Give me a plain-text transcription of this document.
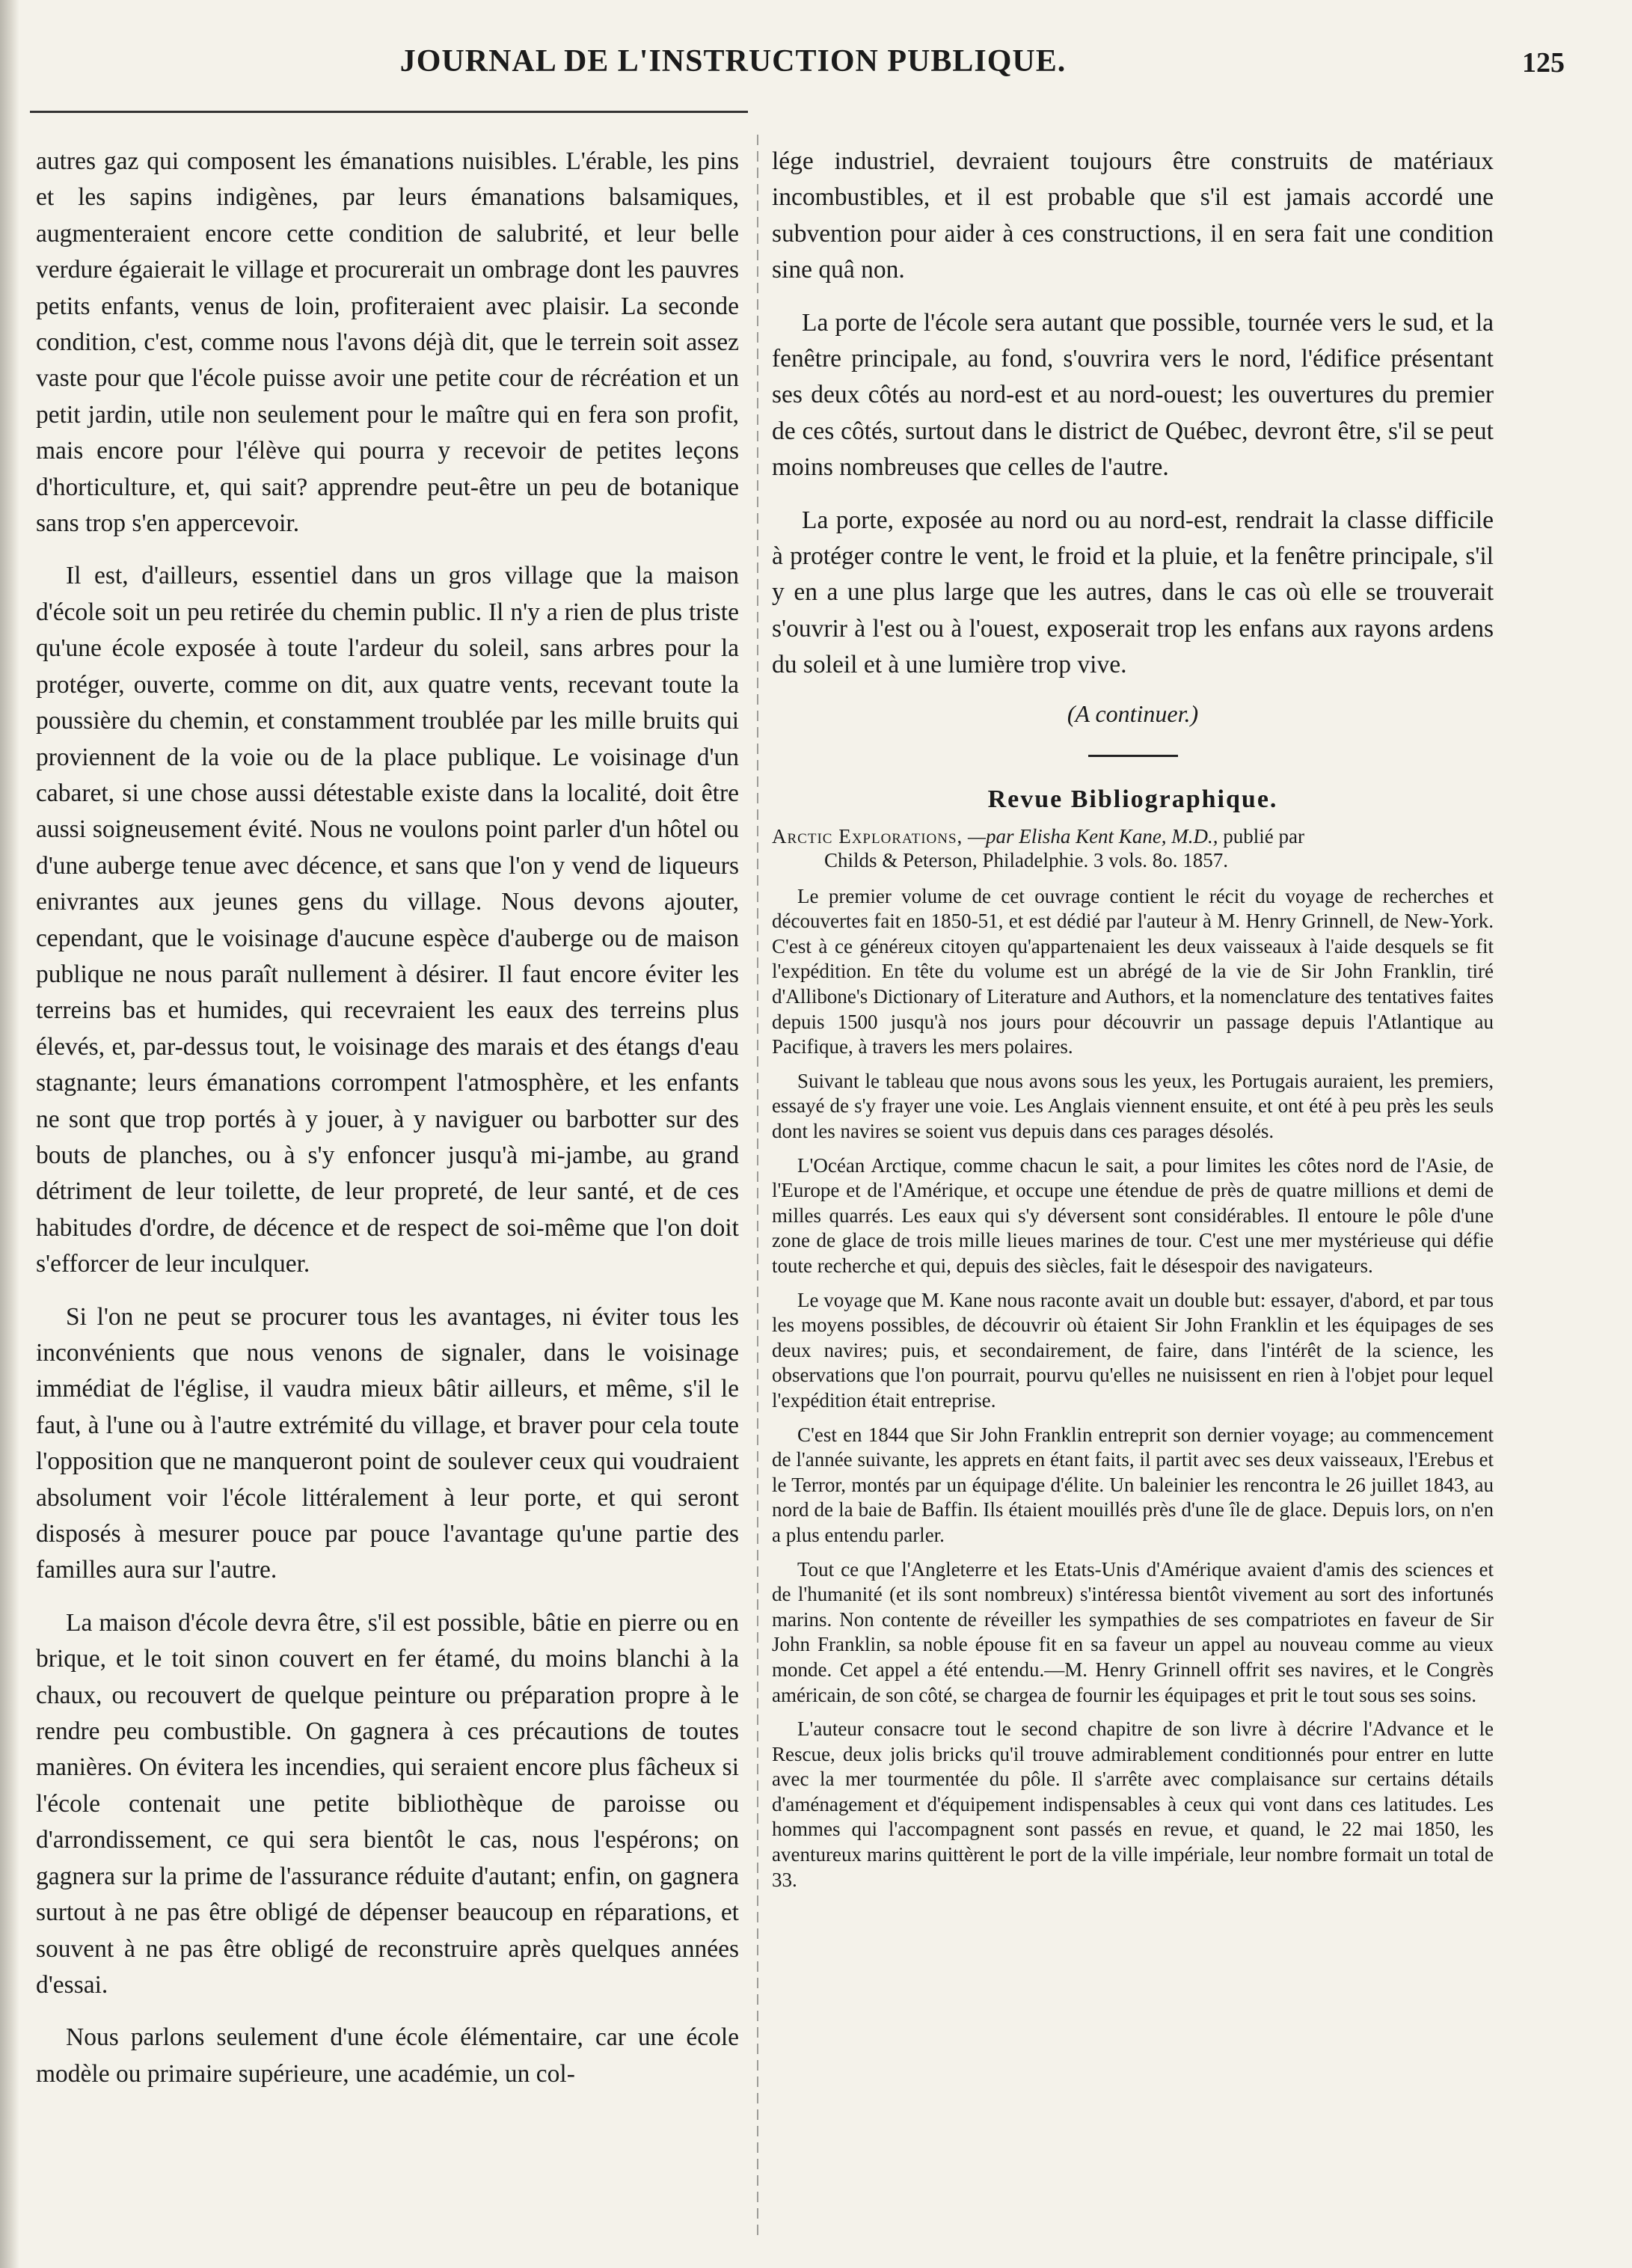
JOURNAL DE L'INSTRUCTION PUBLIQUE.	125

autres gaz qui composent les émanations nuisibles. L'érable, les pins et les sapins indigènes, par leurs émanations balsamiques, augmenteraient encore cette condition de salubrité, et leur belle verdure égaierait le village et procurerait un ombrage dont les pauvres petits enfants, venus de loin, profiteraient avec plaisir. La seconde condition, c'est, comme nous l'avons déjà dit, que le terrein soit assez vaste pour que l'école puisse avoir une petite cour de récréation et un petit jardin, utile non seulement pour le maître qui en fera son profit, mais encore pour l'élève qui pourra y recevoir de petites leçons d'horticulture, et, qui sait? apprendre peut-être un peu de botanique sans trop s'en appercevoir.

Il est, d'ailleurs, essentiel dans un gros village que la maison d'école soit un peu retirée du chemin public. Il n'y a rien de plus triste qu'une école exposée à toute l'ardeur du soleil, sans arbres pour la protéger, ouverte, comme on dit, aux quatre vents, recevant toute la poussière du chemin, et constamment troublée par les mille bruits qui proviennent de la voie ou de la place publique. Le voisinage d'un cabaret, si une chose aussi détestable existe dans la localité, doit être aussi soigneusement évité. Nous ne voulons point parler d'un hôtel ou d'une auberge tenue avec décence, et sans que l'on y vend de liqueurs enivrantes aux jeunes gens du village. Nous devons ajouter, cependant, que le voisinage d'aucune espèce d'auberge ou de maison publique ne nous paraît nullement à désirer. Il faut encore éviter les terreins bas et humides, qui recevraient les eaux des terreins plus élevés, et, par-dessus tout, le voisinage des marais et des étangs d'eau stagnante; leurs émanations corrompent l'atmosphère, et les enfants ne sont que trop portés à y jouer, à y naviguer ou barbotter sur des bouts de planches, ou à s'y enfoncer jusqu'à mi-jambe, au grand détriment de leur toilette, de leur propreté, de leur santé, et de ces habitudes d'ordre, de décence et de respect de soi-même que l'on doit s'efforcer de leur inculquer.

Si l'on ne peut se procurer tous les avantages, ni éviter tous les inconvénients que nous venons de signaler, dans le voisinage immédiat de l'église, il vaudra mieux bâtir ailleurs, et même, s'il le faut, à l'une ou à l'autre extrémité du village, et braver pour cela toute l'opposition que ne manqueront point de soulever ceux qui voudraient absolument voir l'école littéralement à leur porte, et qui seront disposés à mesurer pouce par pouce l'avantage qu'une partie des familles aura sur l'autre.

La maison d'école devra être, s'il est possible, bâtie en pierre ou en brique, et le toit sinon couvert en fer étamé, du moins blanchi à la chaux, ou recouvert de quelque peinture ou préparation propre à le rendre peu combustible. On gagnera à ces précautions de toutes manières. On évitera les incendies, qui seraient encore plus fâcheux si l'école contenait une petite bibliothèque de paroisse ou d'arrondissement, ce qui sera bientôt le cas, nous l'espérons; on gagnera sur la prime de l'assurance réduite d'autant; enfin, on gagnera surtout à ne pas être obligé de dépenser beaucoup en réparations, et souvent à ne pas être obligé de reconstruire après quelques années d'essai.

Nous parlons seulement d'une école élémentaire, car une école modèle ou primaire supérieure, une académie, un col-

lége industriel, devraient toujours être construits de matériaux incombustibles, et il est probable que s'il est jamais accordé une subvention pour aider à ces constructions, il en sera fait une condition sine quâ non.

La porte de l'école sera autant que possible, tournée vers le sud, et la fenêtre principale, au fond, s'ouvrira vers le nord, l'édifice présentant ses deux côtés au nord-est et au nord-ouest; les ouvertures du premier de ces côtés, surtout dans le district de Québec, devront être, s'il se peut moins nombreuses que celles de l'autre.

La porte, exposée au nord ou au nord-est, rendrait la classe difficile à protéger contre le vent, le froid et la pluie, et la fenêtre principale, s'il y en a une plus large que les autres, dans le cas où elle se trouverait s'ouvrir à l'est ou à l'ouest, exposerait trop les enfans aux rayons ardens du soleil et à une lumière trop vive.

(A continuer.)
Revue Bibliographique.

Arctic Explorations, —par Elisha Kent Kane, M.D., publié par
Childs & Peterson, Philadelphie. 3 vols. 8o. 1857.

Le premier volume de cet ouvrage contient le récit du voyage de recherches et découvertes fait en 1850-51, et est dédié par l'auteur à M. Henry Grinnell, de New-York. C'est à ce généreux citoyen qu'appartenaient les deux vaisseaux à l'aide desquels se fit l'expédition. En tête du volume est un abrégé de la vie de Sir John Franklin, tiré d'Allibone's Dictionary of Literature and Authors, et la nomenclature des tentatives faites depuis 1500 jusqu'à nos jours pour découvrir un passage depuis l'Atlantique au Pacifique, à travers les mers polaires.

Suivant le tableau que nous avons sous les yeux, les Portugais auraient, les premiers, essayé de s'y frayer une voie. Les Anglais viennent ensuite, et ont été à peu près les seuls dont les navires se soient vus depuis dans ces parages désolés.

L'Océan Arctique, comme chacun le sait, a pour limites les côtes nord de l'Asie, de l'Europe et de l'Amérique, et occupe une étendue de près de quatre millions et demi de milles quarrés. Les eaux qui s'y déversent sont considérables. Il entoure le pôle d'une zone de glace de trois mille lieues marines de tour. C'est une mer mystérieuse qui défie toute recherche et qui, depuis des siècles, fait le désespoir des navigateurs.

Le voyage que M. Kane nous raconte avait un double but: essayer, d'abord, et par tous les moyens possibles, de découvrir où étaient Sir John Franklin et les équipages de ses deux navires; puis, et secondairement, de faire, dans l'intérêt de la science, les observations que l'on pourrait, pourvu qu'elles ne nuisissent en rien à l'objet pour lequel l'expédition était entreprise.

C'est en 1844 que Sir John Franklin entreprit son dernier voyage; au commencement de l'année suivante, les apprets en étant faits, il partit avec ses deux vaisseaux, l'Erebus et le Terror, montés par un équipage d'élite. Un baleinier les rencontra le 26 juillet 1843, au nord de la baie de Baffin. Ils étaient mouillés près d'une île de glace. Depuis lors, on n'en a plus entendu parler.

Tout ce que l'Angleterre et les Etats-Unis d'Amérique avaient d'amis des sciences et de l'humanité (et ils sont nombreux) s'intéressa bientôt vivement au sort des infortunés marins. Non contente de réveiller les sympathies de ses compatriotes en faveur de Sir John Franklin, sa noble épouse fit en sa faveur un appel au nouveau comme au vieux monde. Cet appel a été entendu.—M. Henry Grinnell offrit ses navires, et le Congrès américain, de son côté, se chargea de fournir les équipages et prit le tout sous ses soins.

L'auteur consacre tout le second chapitre de son livre à décrire l'Advance et le Rescue, deux jolis bricks qu'il trouve admirablement conditionnés pour entrer en lutte avec la mer tourmentée du pôle. Il s'arrête avec complaisance sur certains détails d'aménagement et d'équipement indispensables à ceux qui vont dans ces latitudes. Les hommes qui l'accompagnent sont passés en revue, et quand, le 22 mai 1850, les aventureux marins quittèrent le port de la ville impériale, leur nombre formait un total de 33.
